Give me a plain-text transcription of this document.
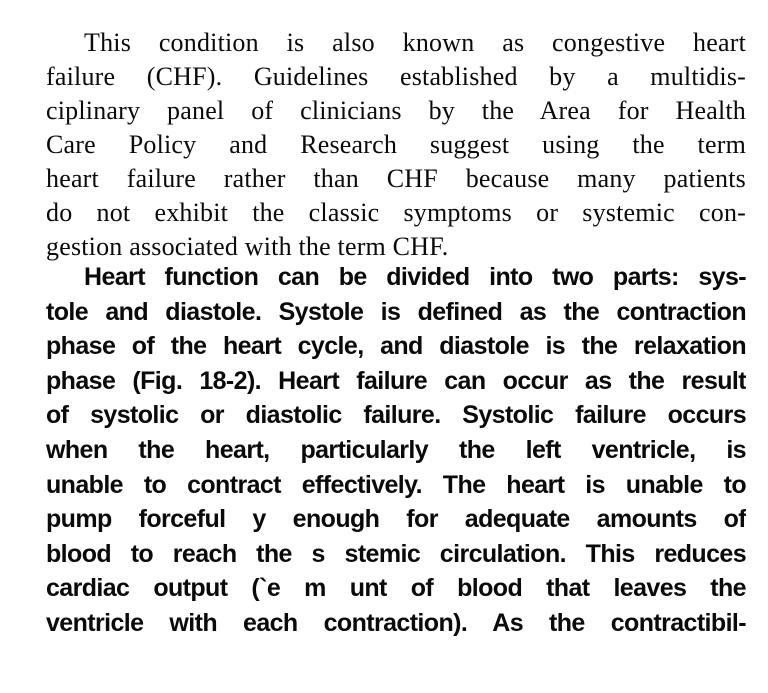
This condition is also known as congestive heart
failure (CHF). Guidelines established by a multidis-
ciplinary panel of clinicians by the Area for Health
Care Policy and Research suggest using the term
heart failure rather than CHF because many patients
do not exhibit the classic symptoms or systemic con-
gestion associated with the term CHF.
Heart function can be divided into two parts: sys-
tole and diastole. Systole is defined as the contraction
phase of the heart cycle, and diastole is the relaxation
phase (Fig. 18-2). Heart failure can occur as the result
of systolic or diastolic failure. Systolic failure occurs
when the heart, particularly the left ventricle, is
unable to contract effectively. The heart is unable to
pump forceful y enough for adequate amounts of
blood to reach the s stemic circulation. This reduces
cardiac output (`e m unt of blood that leaves the
ventricle with each contraction). As the contractibil-
